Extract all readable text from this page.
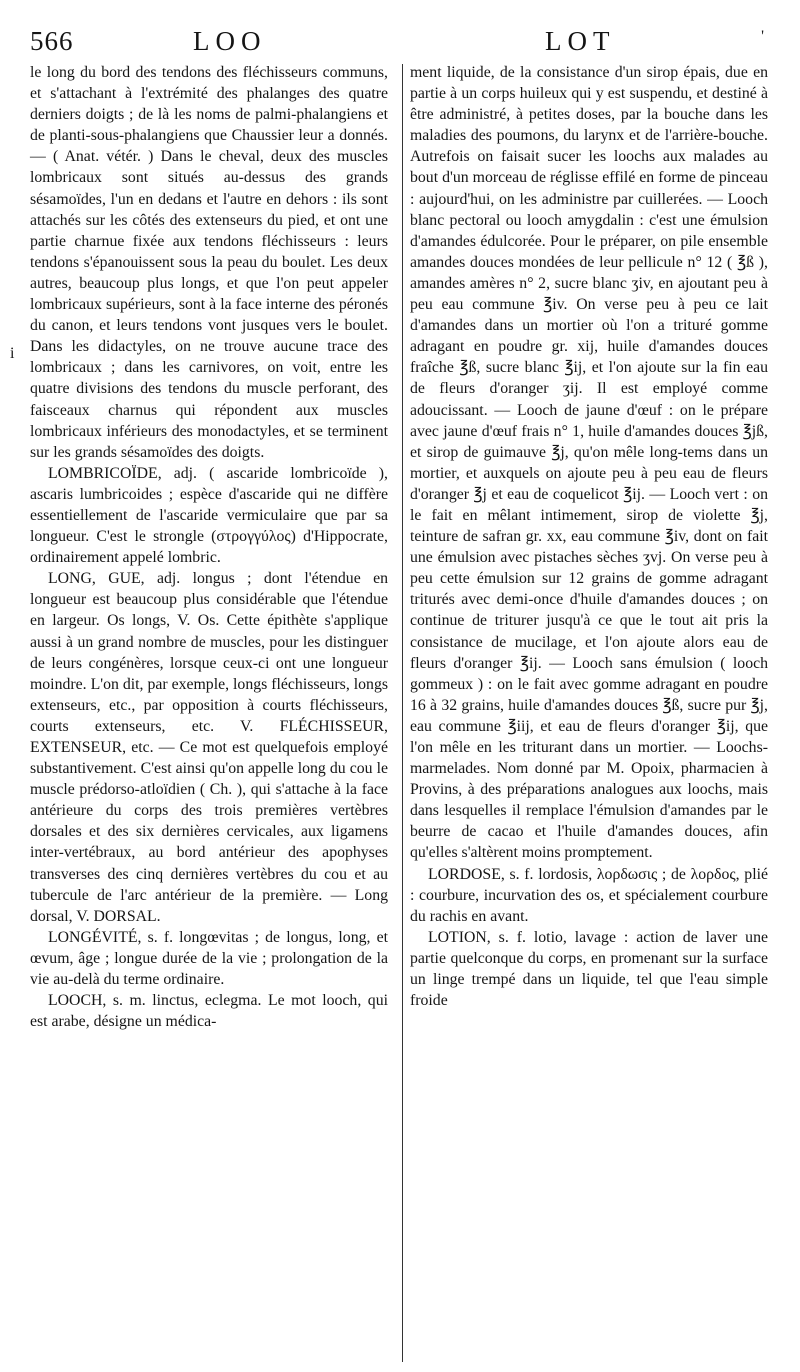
566	LOO	LOT	'
i

le long du bord des tendons des fléchisseurs communs, et s'attachant à l'extrémité des phalanges des quatre derniers doigts ; de là les noms de palmi-phalangiens et de planti-sous-phalangiens que Chaussier leur a donnés. — ( Anat. vétér. ) Dans le cheval, deux des muscles lombricaux sont situés au-dessus des grands sésamoïdes, l'un en dedans et l'autre en dehors : ils sont attachés sur les côtés des extenseurs du pied, et ont une partie charnue fixée aux tendons fléchisseurs : leurs tendons s'épanouissent sous la peau du boulet. Les deux autres, beaucoup plus longs, et que l'on peut appeler lombricaux supérieurs, sont à la face interne des péronés du canon, et leurs tendons vont jusques vers le boulet. Dans les didactyles, on ne trouve aucune trace des lombricaux ; dans les carnivores, on voit, entre les quatre divisions des tendons du muscle perforant, des faisceaux charnus qui répondent aux muscles lombricaux inférieurs des monodactyles, et se terminent sur les grands sésamoïdes des doigts.

LOMBRICOÏDE, adj. ( ascaride lombricoïde ), ascaris lumbricoides ; espèce d'ascaride qui ne diffère essentiellement de l'ascaride vermiculaire que par sa longueur. C'est le strongle (στρογγύλος) d'Hippocrate, ordinairement appelé lombric.

LONG, GUE, adj. longus ; dont l'étendue en longueur est beaucoup plus considérable que l'étendue en largeur. Os longs, V. Os. Cette épithète s'applique aussi à un grand nombre de muscles, pour les distinguer de leurs congénères, lorsque ceux-ci ont une longueur moindre. L'on dit, par exemple, longs fléchisseurs, longs extenseurs, etc., par opposition à courts fléchisseurs, courts extenseurs, etc. V. FLÉCHISSEUR, EXTENSEUR, etc. — Ce mot est quelquefois employé substantivement. C'est ainsi qu'on appelle long du cou le muscle prédorso-atloïdien ( Ch. ), qui s'attache à la face antérieure du corps des trois premières vertèbres dorsales et des six dernières cervicales, aux ligamens inter-vertébraux, au bord antérieur des apophyses transverses des cinq dernières vertèbres du cou et au tubercule de l'arc antérieur de la première. — Long dorsal, V. DORSAL.

LONGÉVITÉ, s. f. longœvitas ; de longus, long, et œvum, âge ; longue durée de la vie ; prolongation de la vie au-delà du terme ordinaire.

LOOCH, s. m. linctus, eclegma. Le mot looch, qui est arabe, désigne un médica-

ment liquide, de la consistance d'un sirop épais, due en partie à un corps huileux qui y est suspendu, et destiné à être administré, à petites doses, par la bouche dans les maladies des poumons, du larynx et de l'arrière-bouche. Autrefois on faisait sucer les loochs aux malades au bout d'un morceau de réglisse effilé en forme de pinceau : aujourd'hui, on les administre par cuillerées. — Looch blanc pectoral ou looch amygdalin : c'est une émulsion d'amandes édulcorée. Pour le préparer, on pile ensemble amandes douces mondées de leur pellicule n° 12 ( ℥ß ), amandes amères n° 2, sucre blanc ʒiv, en ajoutant peu à peu eau commune ℥iv. On verse peu à peu ce lait d'amandes dans un mortier où l'on a trituré gomme adragant en poudre gr. xij, huile d'amandes douces fraîche ℥ß, sucre blanc ℥ij, et l'on ajoute sur la fin eau de fleurs d'oranger ʒij. Il est employé comme adoucissant. — Looch de jaune d'œuf : on le prépare avec jaune d'œuf frais n° 1, huile d'amandes douces ℥jß, et sirop de guimauve ℥j, qu'on mêle long-tems dans un mortier, et auxquels on ajoute peu à peu eau de fleurs d'oranger ℥j et eau de coquelicot ℥ij. — Looch vert : on le fait en mêlant intimement, sirop de violette ℥j, teinture de safran gr. xx, eau commune ℥iv, dont on fait une émulsion avec pistaches sèches ʒvj. On verse peu à peu cette émulsion sur 12 grains de gomme adragant triturés avec demi-once d'huile d'amandes douces ; on continue de triturer jusqu'à ce que le tout ait pris la consistance de mucilage, et l'on ajoute alors eau de fleurs d'oranger ℥ij. — Looch sans émulsion ( looch gommeux ) : on le fait avec gomme adragant en poudre 16 à 32 grains, huile d'amandes douces ℥ß, sucre pur ℥j, eau commune ℥iij, et eau de fleurs d'oranger ℥ij, que l'on mêle en les triturant dans un mortier. — Loochs-marmelades. Nom donné par M. Opoix, pharmacien à Provins, à des préparations analogues aux loochs, mais dans lesquelles il remplace l'émulsion d'amandes par le beurre de cacao et l'huile d'amandes douces, afin qu'elles s'altèrent moins promptement.

LORDOSE, s. f. lordosis, λορδωσις ; de λορδος, plié : courbure, incurvation des os, et spécialement courbure du rachis en avant.

LOTION, s. f. lotio, lavage : action de laver une partie quelconque du corps, en promenant sur la surface un linge trempé dans un liquide, tel que l'eau simple froide
